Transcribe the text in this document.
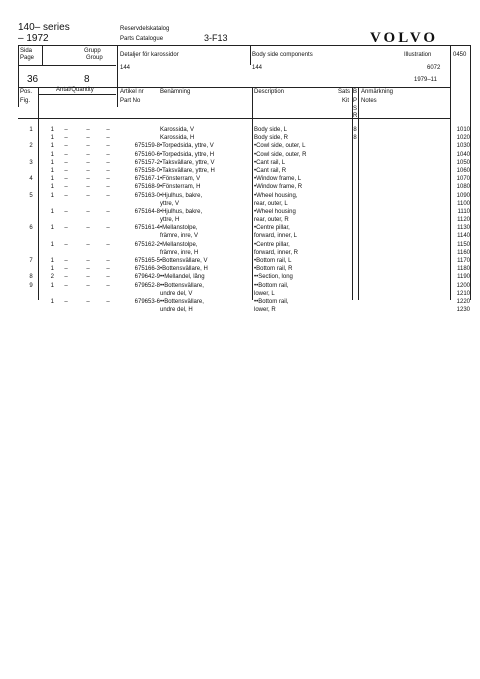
140– series
– 1972
Reservdelskatalog
Parts Catalogue	3-F13	VOLVO
Sida
Page
Grupp
Group	Detaljer för karossidor	Body side components	Illustration	0450
36	8
144	144	6072
1979–11
Pos.
Fig.
Antal/Quantity	Artikel nr
Part No
Benämning	Description	Sats
Kit
B
P
S
R
Anmärkning
Notes
1	1	–	–	–	Karossida, V	Body side, L	8	1010
1	–	–	–	Karossida, H	Body side, R	8	1020
2	1	–	–	–	675159-8 •Torpedsida, yttre, V	•Cowl side, outer, L	1030
1	–	–	–	675160-6 •Torpedsida, yttre, H	•Cowl side, outer, R	1040
3	1	–	–	–	675157-2 •Taksvällare, yttre, V	•Cant rail, L	1050
1	–	–	–	675158-0 •Taksvällare, yttre, H	•Cant rail, R	1060
4	1	–	–	–	675167-1 •Fönsterram, V	•Window frame, L	1070
1	–	–	–	675168-9 •Fönsterram, H	•Window frame, R	1080
5	1	–	–	–	675163-0 •Hjulhus, bakre,	•Wheel housing,	1090
yttre, V	rear, outer, L	1100
1	–	–	–	675164-8 •Hjulhus, bakre,	•Wheel housing	1110
yttre, H	rear, outer, R	1120
6	1	–	–	–	675161-4 •Mellanstolpe,	•Centre pillar,	1130
främre, inre, V	forward, inner, L	1140
1	–	–	–	675162-2 •Mellanstolpe,	•Centre pillar,	1150
främre, inre, H	forward, inner, R	1160
7	1	–	–	–	675165-5 •Bottensvällare, V	•Bottom rail, L	1170
1	–	–	–	675166-3 •Bottensvällare, H	•Bottom rail, R	1180
8	2	–	–	–	679642-9 ••Mellandel, lång	••Section, long	1190
9	1	–	–	–	679652-8 ••Bottensvällare,	••Bottom rail,	1200
undre del, V	lower, L	1210
1	–	–	–	679653-6 ••Bottensvällare,	••Bottom rail,	1220
undre del, H	lower, R	1230
